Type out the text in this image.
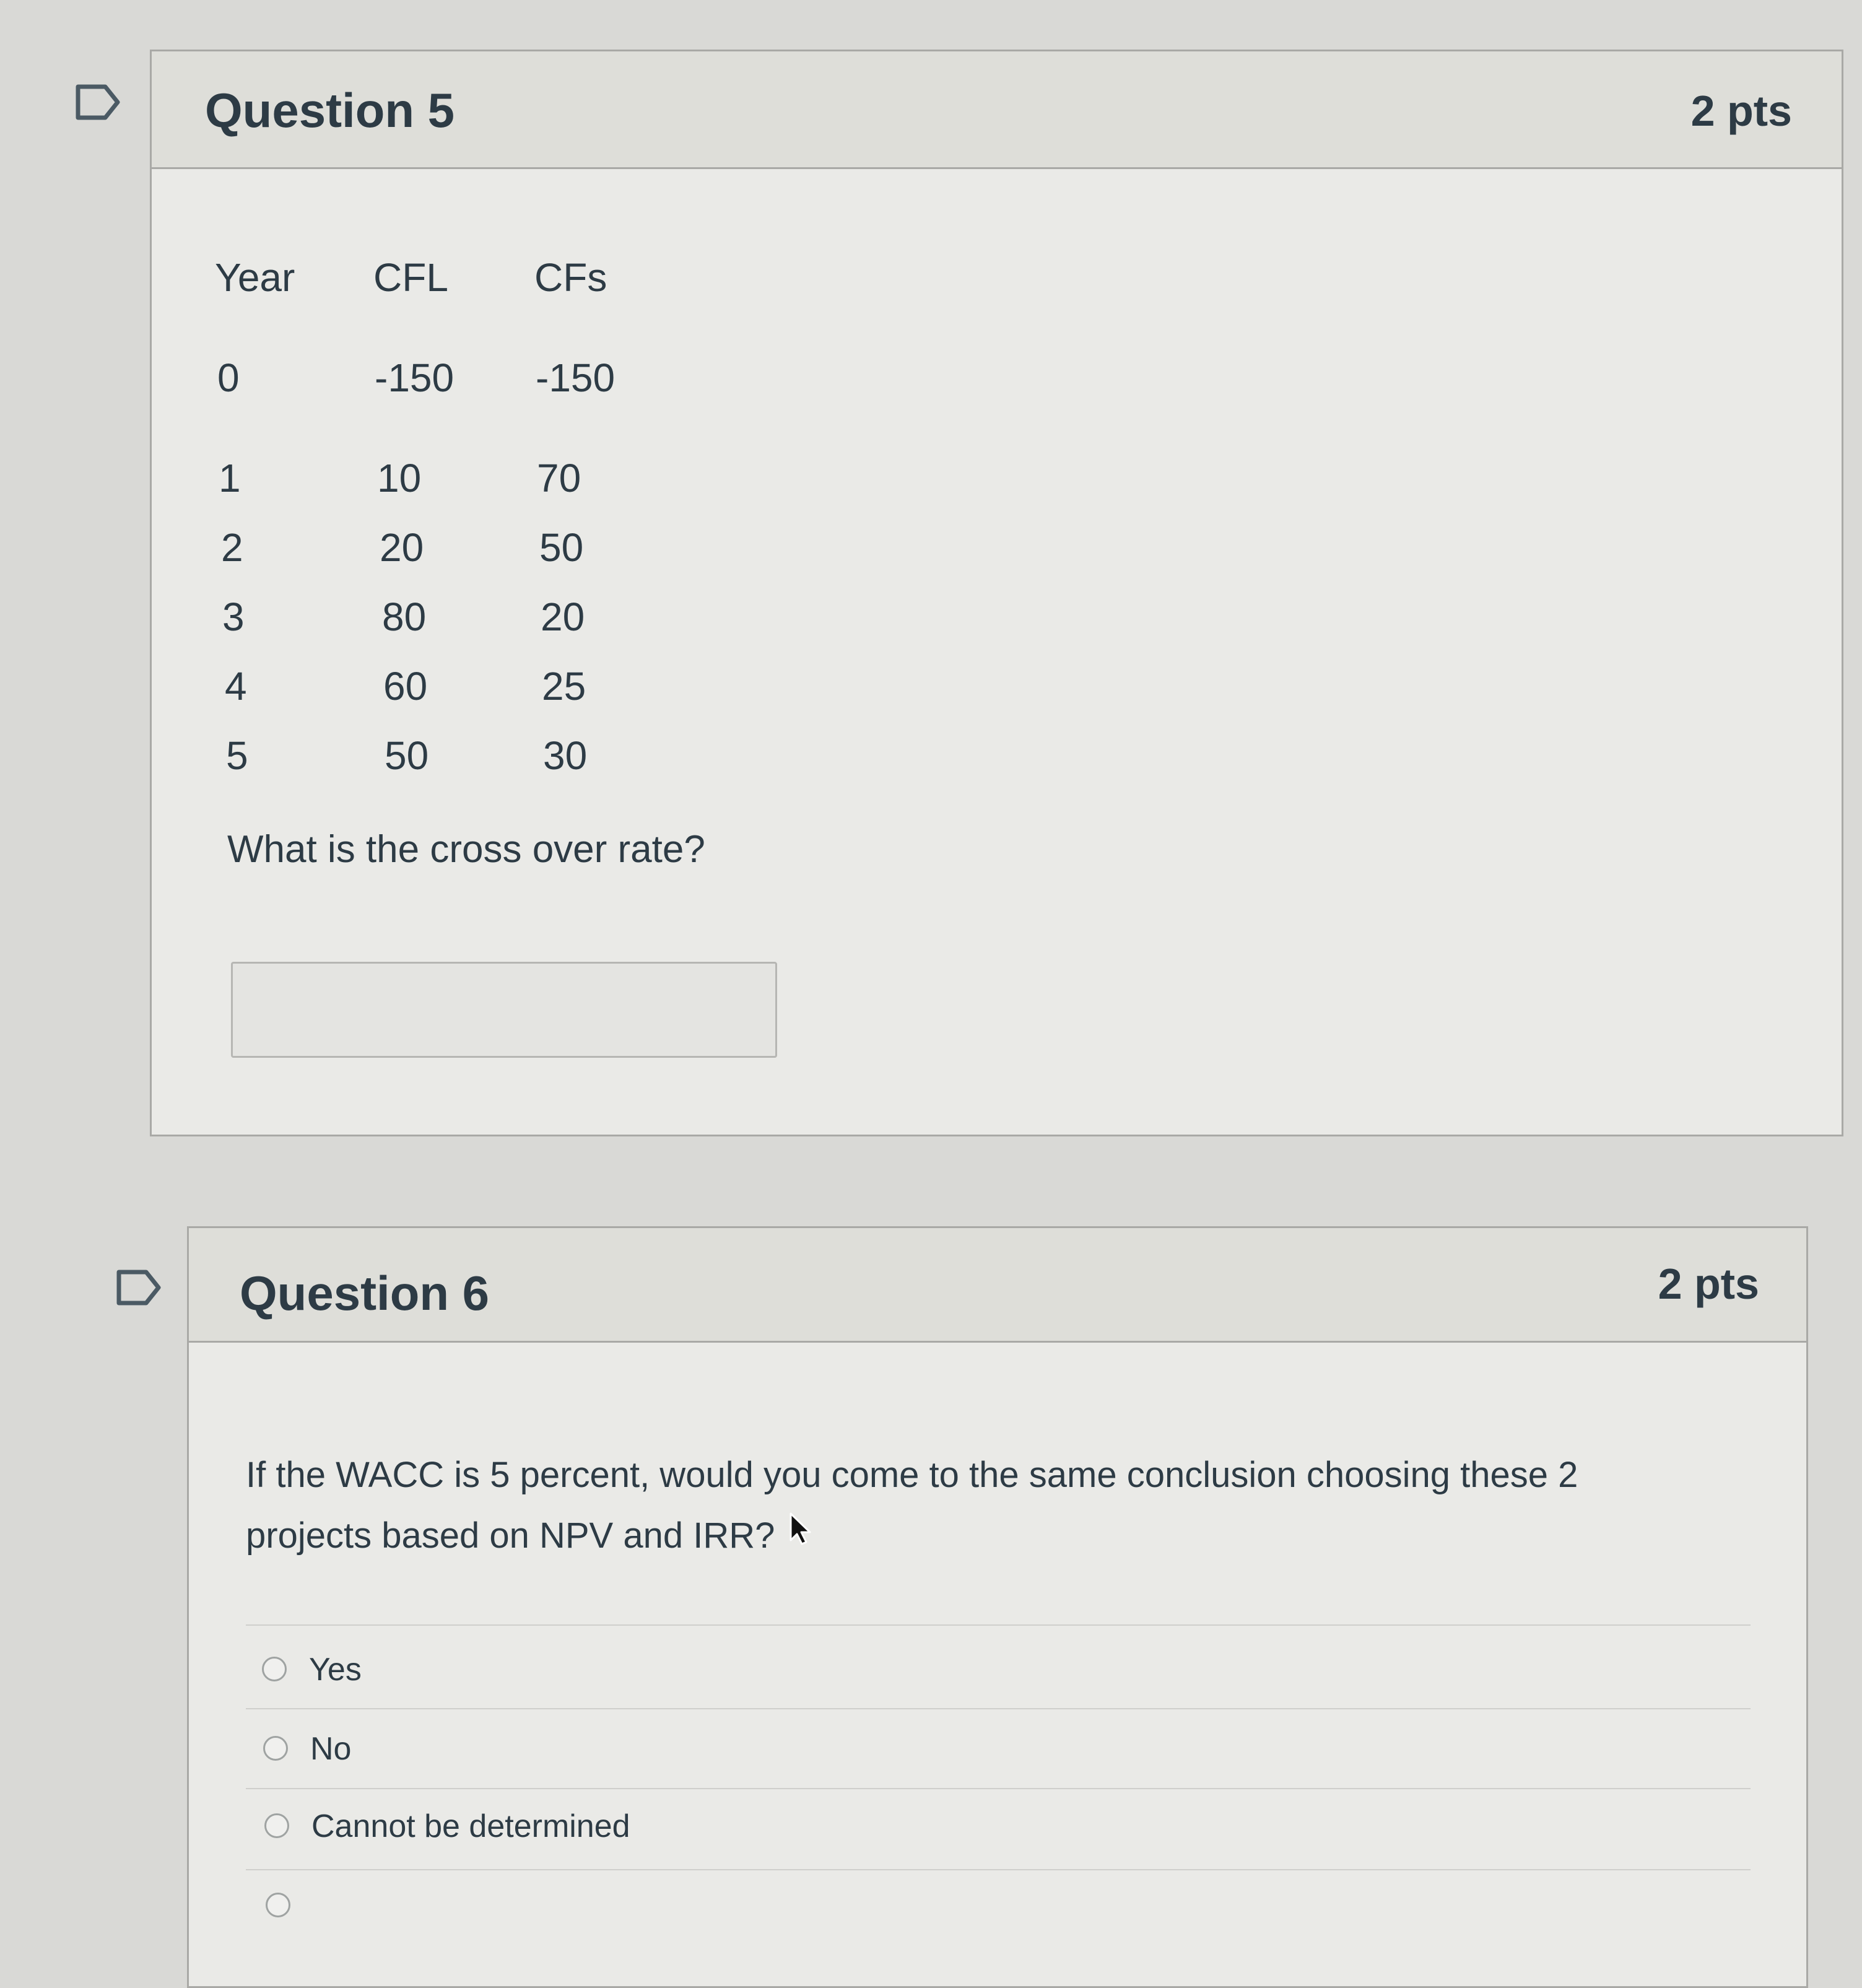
Question 5	2 pts
Year CFL CFs
0	-150 -150
1	10	70
2	20	50
3	80	20
4	60	25
5	50	30
What is the cross over rate?
Question 6	2 pts
If the WACC is 5 percent, would you come to the same conclusion choosing these 2
projects based on NPV and IRR?
Yes
No
Cannot be determined
